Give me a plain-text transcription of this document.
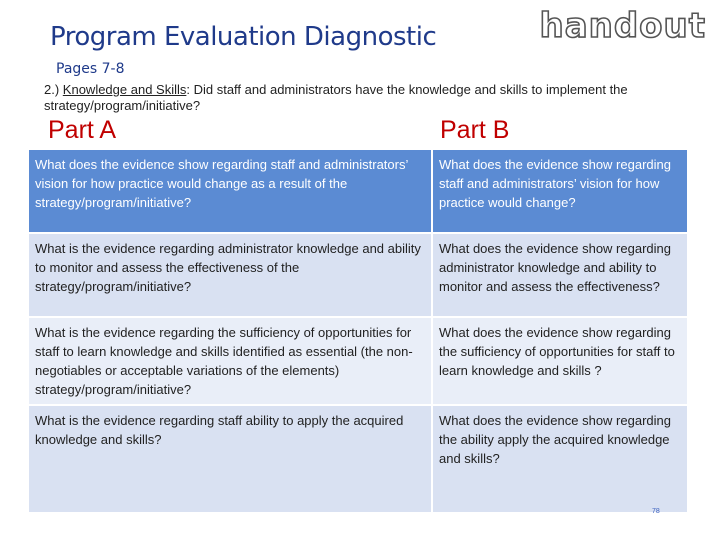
Program Evaluation Diagnostic	handout
Pages 7-8
2.) Knowledge and Skills: Did staff and administrators have the knowledge and skills to implement the strategy/program/initiative?
Part A	Part B
What does the evidence show regarding staff and administrators’ vision for how practice would change as a result of the strategy/program/initiative?	What does the evidence show regarding staff and administrators’ vision for how practice would change?
What is the evidence regarding administrator knowledge and ability to monitor and assess the effectiveness of the strategy/program/initiative?	What does the evidence show regarding administrator knowledge and ability to monitor and assess the effectiveness?
What is the evidence regarding the sufficiency of opportunities for staff to learn knowledge and skills identified as essential (the non-negotiables or acceptable variations of the elements) strategy/program/initiative?	What does the evidence show regarding the sufficiency of opportunities for staff to learn knowledge and skills ?
What is the evidence regarding staff ability to apply the acquired knowledge and skills?	What does the evidence show regarding the ability apply the acquired knowledge and skills?
78
